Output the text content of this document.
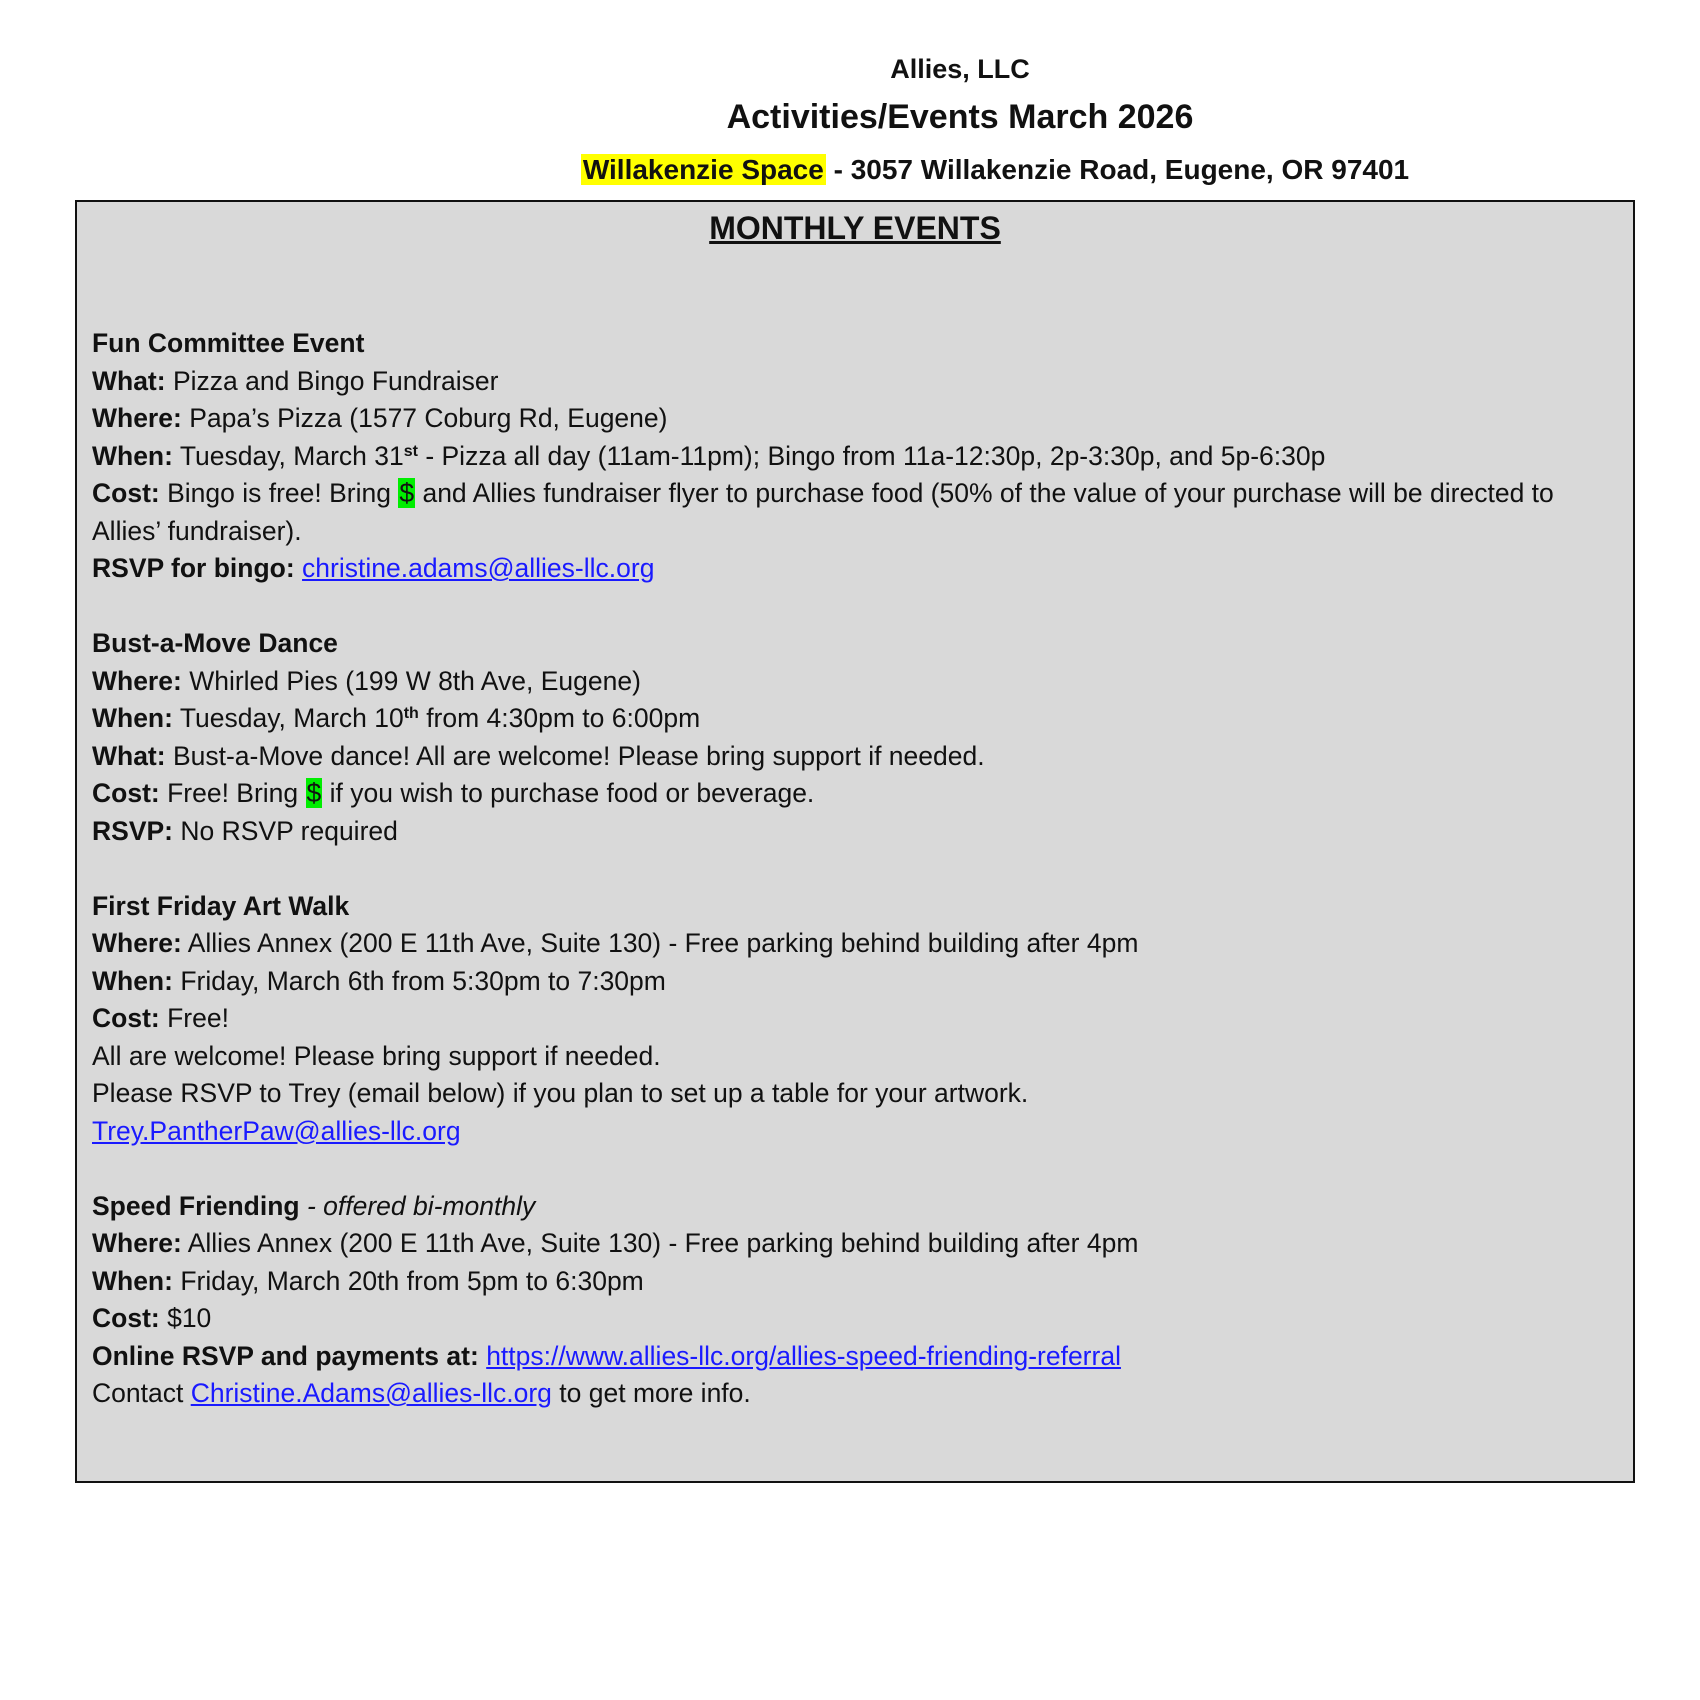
Allies, LLC
Activities/Events March 2026
Willakenzie Space - 3057 Willakenzie Road, Eugene, OR 97401
MONTHLY EVENTS
Fun Committee Event
What: Pizza and Bingo Fundraiser
Where: Papa’s Pizza (1577 Coburg Rd, Eugene)
When: Tuesday, March 31st - Pizza all day (11am-11pm); Bingo from 11a-12:30p, 2p-3:30p, and 5p-6:30p
Cost: Bingo is free! Bring $ and Allies fundraiser flyer to purchase food (50% of the value of your purchase will be directed to Allies’ fundraiser).
RSVP for bingo: christine.adams@allies-llc.org
Bust-a-Move Dance
Where: Whirled Pies (199 W 8th Ave, Eugene)
When: Tuesday, March 10th from 4:30pm to 6:00pm
What: Bust-a-Move dance! All are welcome! Please bring support if needed.
Cost: Free! Bring $ if you wish to purchase food or beverage.
RSVP: No RSVP required
First Friday Art Walk
Where: Allies Annex (200 E 11th Ave, Suite 130) - Free parking behind building after 4pm
When: Friday, March 6th from 5:30pm to 7:30pm
Cost: Free!
All are welcome! Please bring support if needed.
Please RSVP to Trey (email below) if you plan to set up a table for your artwork.
Trey.PantherPaw@allies-llc.org
Speed Friending - offered bi-monthly
Where: Allies Annex (200 E 11th Ave, Suite 130) - Free parking behind building after 4pm
When: Friday, March 20th from 5pm to 6:30pm
Cost: $10
Online RSVP and payments at: https://www.allies-llc.org/allies-speed-friending-referral
Contact Christine.Adams@allies-llc.org to get more info.
